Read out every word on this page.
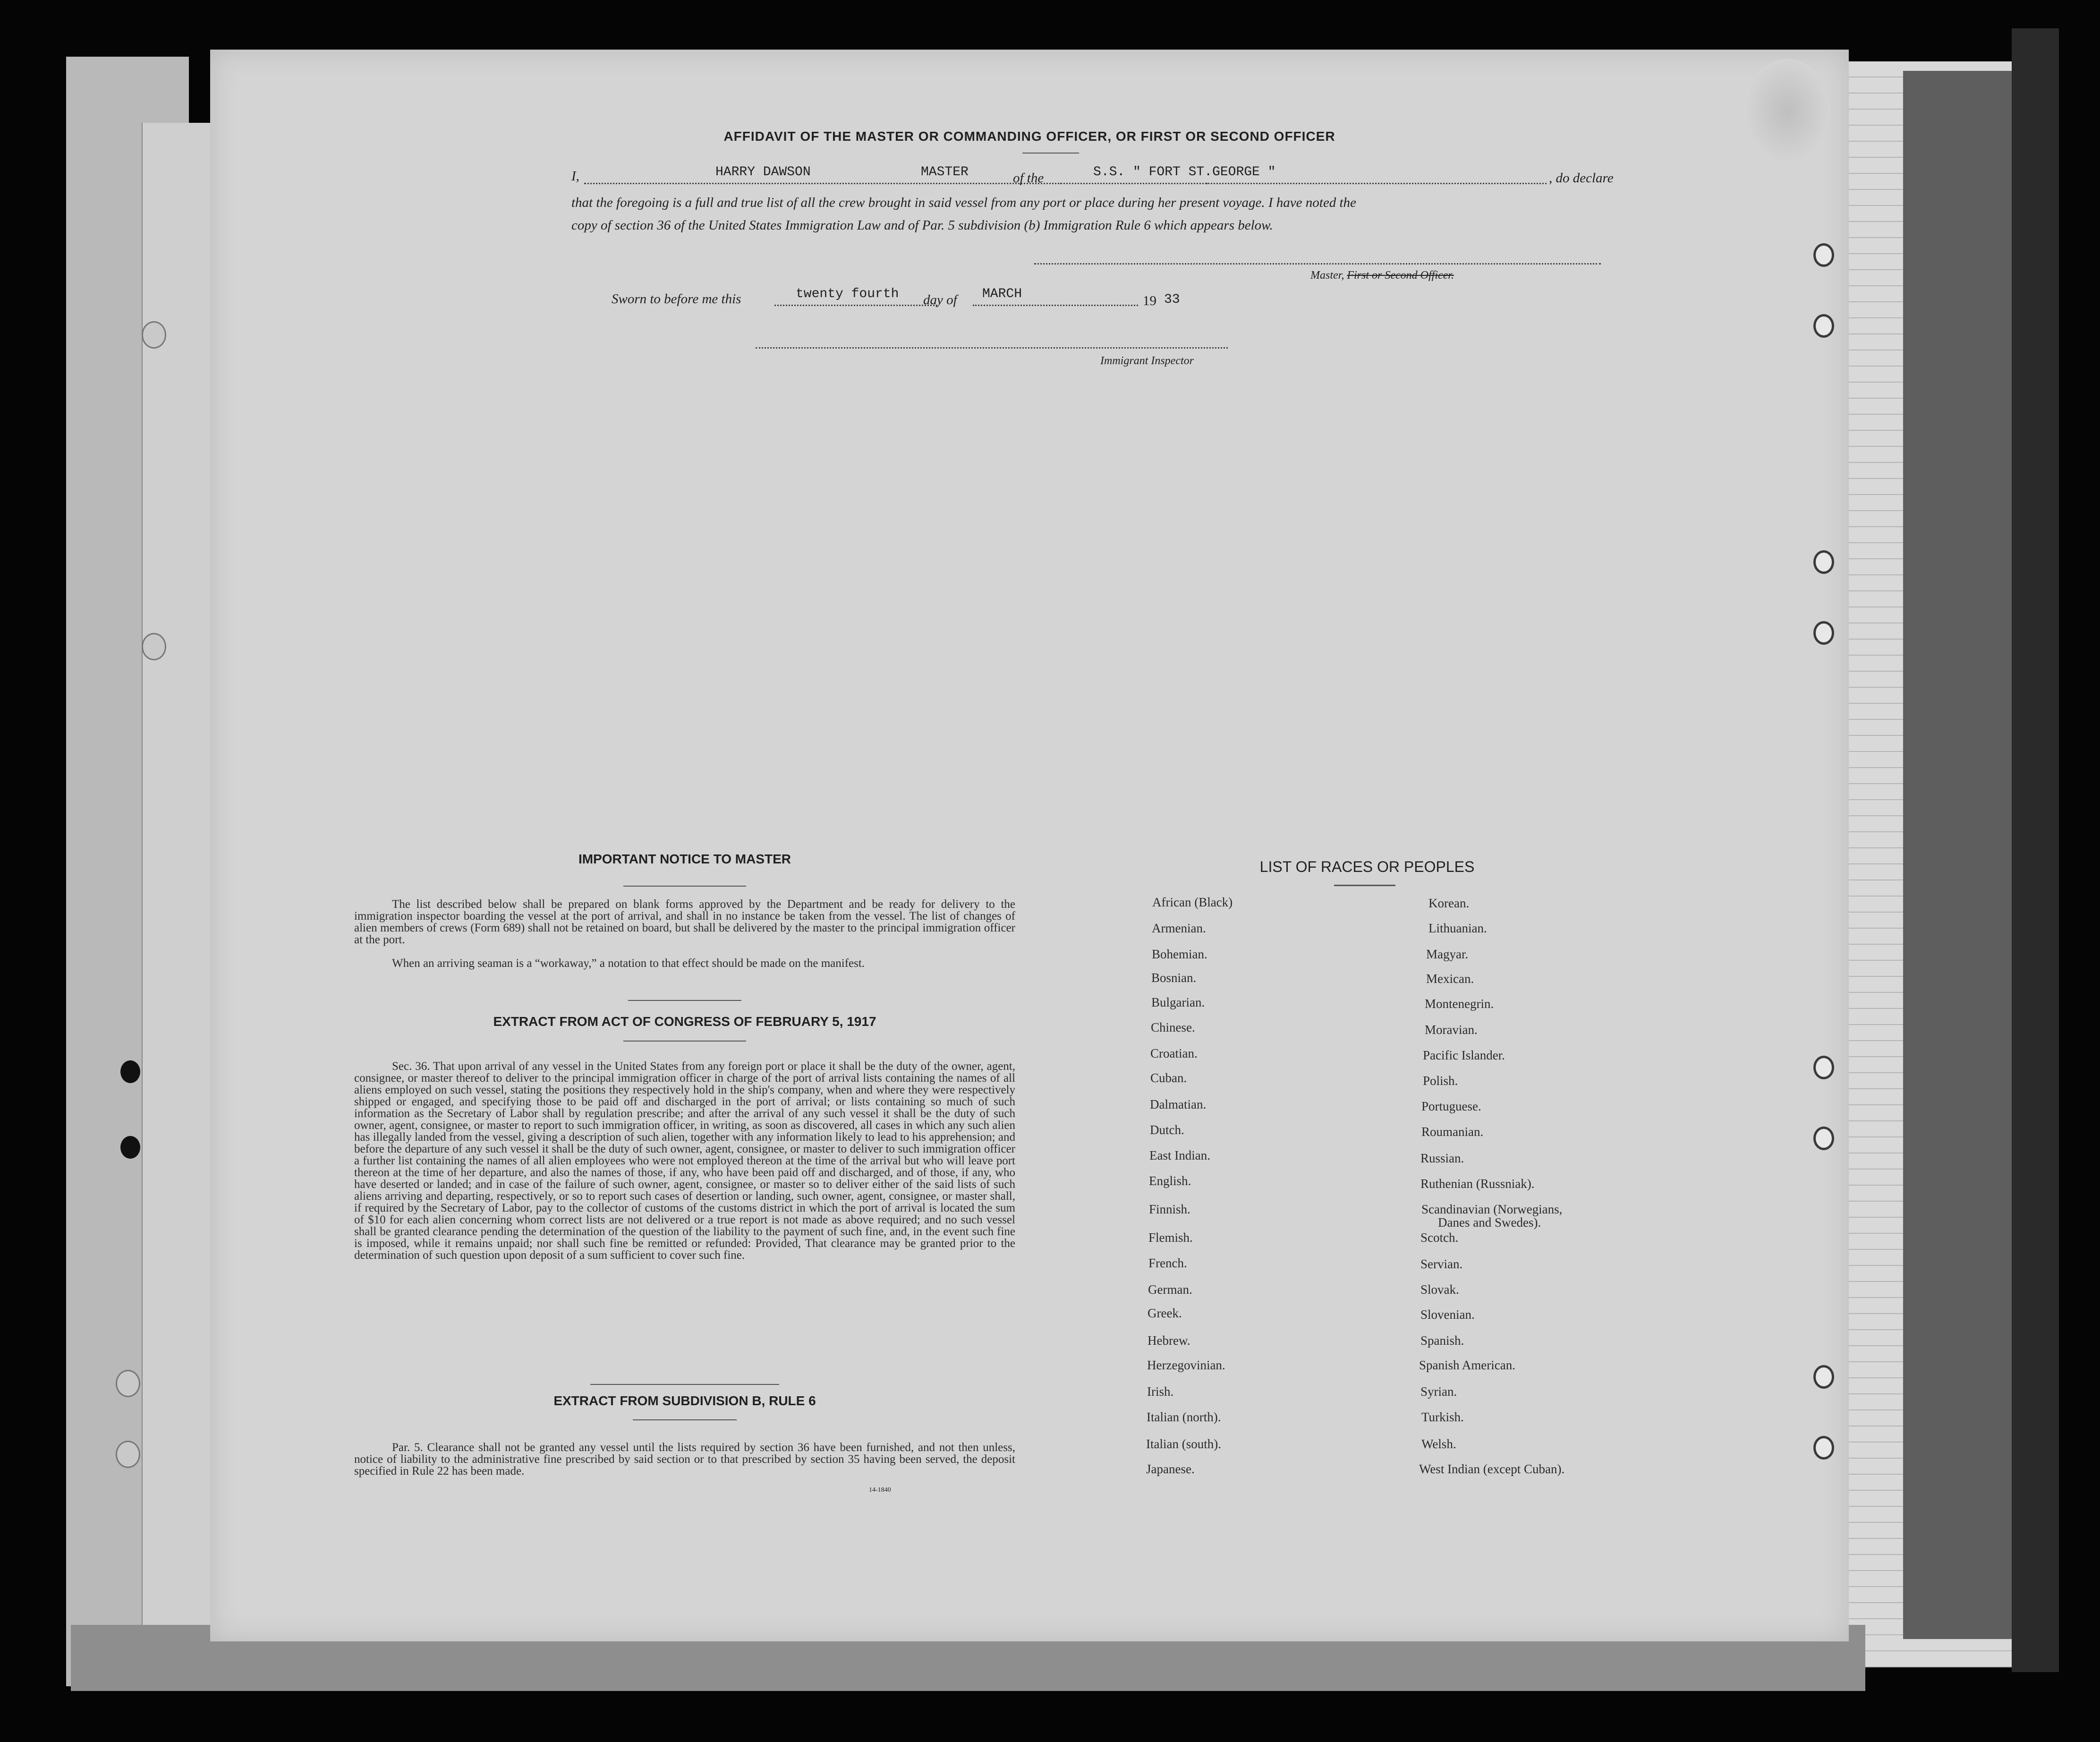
AFFIDAVIT OF THE MASTER OR COMMANDING OFFICER, OR FIRST OR SECOND OFFICER
I,	HARRY DAWSON	MASTER	of the	S.S. " FORT ST.GEORGE "	, do declare
that the foregoing is a full and true list of all the crew brought in said vessel from any port or place during her present voyage. I have noted the
copy of section 36 of the United States Immigration Law and of Par. 5 subdivision (b) Immigration Rule 6 which appears below.
Master, First or Second Officer.
Sworn to before me this	twenty fourth day of MARCH	19 33
Immigrant Inspector
IMPORTANT NOTICE TO MASTER
The list described below shall be prepared on blank forms approved by the Department and be ready for delivery to the immigration inspector boarding the vessel at the port of arrival, and shall in no instance be taken from the vessel. The list of changes of alien members of crews (Form 689) shall not be retained on board, but shall be delivered by the master to the principal immigration officer at the port.
When an arriving seaman is a “workaway,” a notation to that effect should be made on the manifest.
EXTRACT FROM ACT OF CONGRESS OF FEBRUARY 5, 1917
Sec. 36. That upon arrival of any vessel in the United States from any foreign port or place it shall be the duty of the owner, agent, consignee, or master thereof to deliver to the principal immigration officer in charge of the port of arrival lists containing the names of all aliens employed on such vessel, stating the positions they respectively hold in the ship's company, when and where they were respectively shipped or engaged, and specifying those to be paid off and discharged in the port of arrival; or lists containing so much of such information as the Secretary of Labor shall by regulation prescribe; and after the arrival of any such vessel it shall be the duty of such owner, agent, consignee, or master to report to such immigration officer, in writing, as soon as discovered, all cases in which any such alien has illegally landed from the vessel, giving a description of such alien, together with any information likely to lead to his apprehension; and before the departure of any such vessel it shall be the duty of such owner, agent, consignee, or master to deliver to such immigration officer a further list containing the names of all alien employees who were not employed thereon at the time of the arrival but who will leave port thereon at the time of her departure, and also the names of those, if any, who have been paid off and discharged, and of those, if any, who have deserted or landed; and in case of the failure of such owner, agent, consignee, or master so to deliver either of the said lists of such aliens arriving and departing, respectively, or so to report such cases of desertion or landing, such owner, agent, consignee, or master shall, if required by the Secretary of Labor, pay to the collector of customs of the customs district in which the port of arrival is located the sum of $10 for each alien concerning whom correct lists are not delivered or a true report is not made as above required; and no such vessel shall be granted clearance pending the determination of the question of the liability to the payment of such fine, and, in the event such fine is imposed, while it remains unpaid; nor shall such fine be remitted or refunded: Provided, That clearance may be granted prior to the determination of such question upon deposit of a sum sufficient to cover such fine.
EXTRACT FROM SUBDIVISION B, RULE 6
Par. 5. Clearance shall not be granted any vessel until the lists required by section 36 have been furnished, and not then unless, notice of liability to the administrative fine prescribed by said section or to that prescribed by section 35 having been served, the deposit specified in Rule 22 has been made.
14-1840
LIST OF RACES OR PEOPLES
African (Black)
Armenian.
Bohemian.
Bosnian.
Bulgarian.
Chinese.
Croatian.
Cuban.
Dalmatian.
Dutch.
East Indian.
English.
Finnish.
Flemish.
French.
German.
Greek.
Hebrew.
Herzegovinian.
Irish.
Italian (north).
Italian (south).
Japanese.
Korean.
Lithuanian.
Magyar.
Mexican.
Montenegrin.
Moravian.
Pacific Islander.
Polish.
Portuguese.
Roumanian.
Russian.
Ruthenian (Russniak).
Scandinavian (Norwegians,
Danes and Swedes).
Scotch.
Servian.
Slovak.
Slovenian.
Spanish.
Spanish American.
Syrian.
Turkish.
Welsh.
West Indian (except Cuban).
